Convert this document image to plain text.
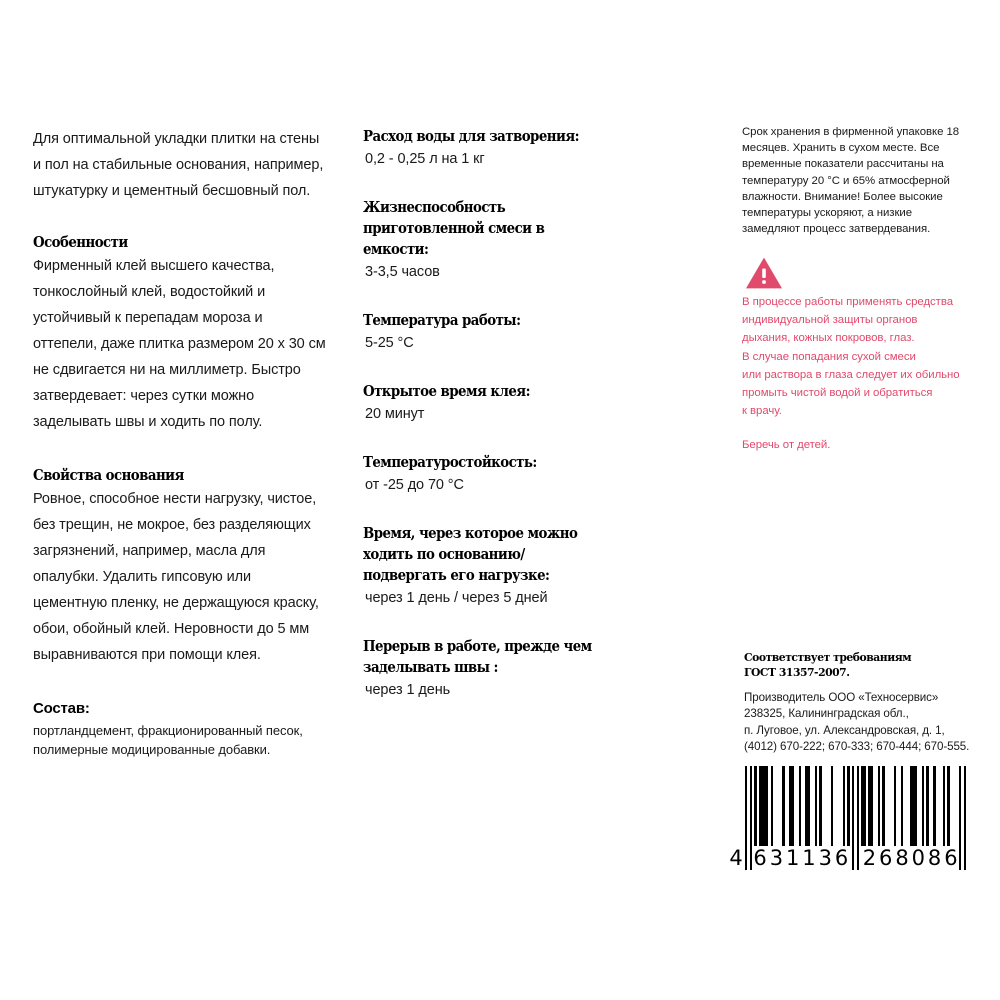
Для оптимальной укладки плитки на стены и пол на стабильные основания, например, штукатурку и цементный бесшовный пол.
Особенности
Фирменный клей высшего качества, тонкослойный клей, водостойкий и устойчивый к перепадам мороза и оттепели, даже плитка размером 20 x 30 см не сдвигается ни на миллиметр. Быстро затвердевает: через сутки можно заделывать швы и ходить по полу.
Свойства основания
Ровное, способное нести нагрузку, чистое, без трещин, не мокрое, без разделяющих загрязнений, например, масла для опалубки. Удалить гипсовую или цементную пленку, не держащуюся краску, обои, обойный клей. Неровности до 5 мм выравниваются при помощи клея.
Состав:
портландцемент, фракционированный песок, полимерные модицированные добавки.
Расход воды для затворения:
0,2 - 0,25 л на 1 кг
Жизнеспособность приготовленной смеси в емкости:
3-3,5 часов
Температура работы:
5-25 °С
Открытое время клея:
20 минут
Температуростойкость:
от -25 до 70 °С
Время, через которое можно ходить по основанию/ подвергать его нагрузке:
через 1 день / через 5 дней
Перерыв в работе, прежде чем заделывать швы :
через 1 день
Срок хранения в фирменной упаковке 18 месяцев. Хранить в сухом месте. Все временные показатели рассчитаны на температуру 20 °С и 65% атмосферной влажности. Внимание! Более высокие температуры ускоряют, а низкие замедляют процесс затвердевания.

В процессе работы применять средства

индивидуальной защиты органов

дыхания, кожных покровов, глаз.

В случае попадания сухой смеси

или раствора в глаза следует их обильно

промыть чистой водой и обратиться

к врачу.

Беречь от детей.

Соответствует требованиям
ГОСТ 31357-2007.
Производитель ООО «Техносервис»
238325, Калининградская обл.,
п. Луговое, ул. Александровская, д. 1,
(4012) 670-222; 670-333; 670-444; 670-555.
4 6 3 1 1 3 6 2 6 8 0 8 6
